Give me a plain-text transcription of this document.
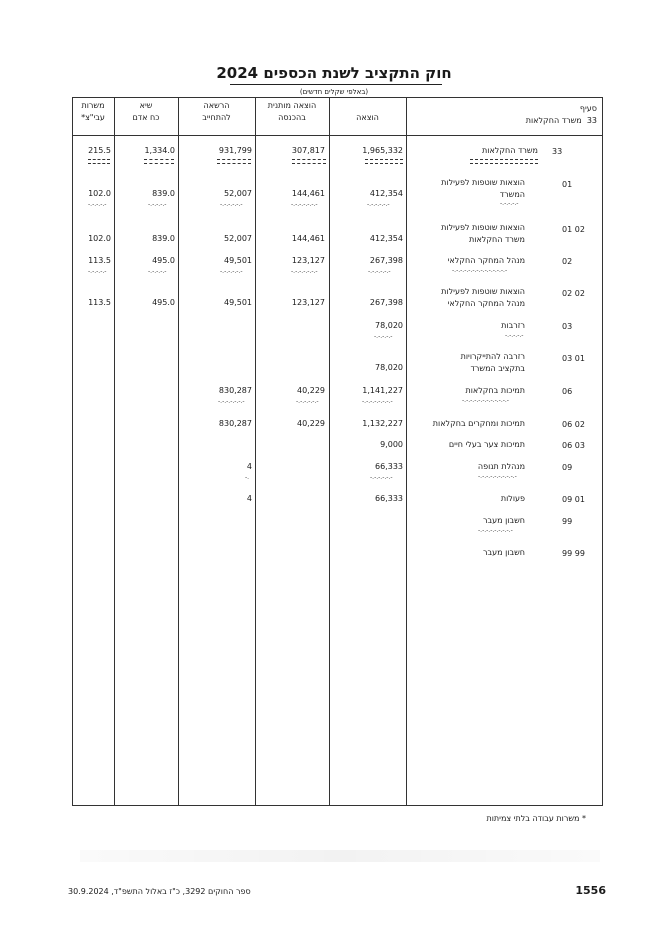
חוק התקציב לשנת הכספים 2024
(באלפי שקלים חדשים)
משרות
עבי"צ*
שיא
כח אדם
הרשאה
להתחייב
הוצאה מותנית
בהכנסה	הוצאה
סעיף
33  משרד החקלאות
33
משרד החקלאות
1,965,332
307,817
931,799
1,334.0
215.5
01
הוצאות שוטפות לפעילות
המשרד
-.-.-.-.-
412,354
-.-.-.-.-.-
144,461
-.-.-.-.-.-.-
52,007
-.-.-.-.-.-
839.0
-.-.-.-.-
102.0
-.-.-.-.-
01 02
הוצאות שוטפות לפעילות
משרד החקלאות
412,354
144,461
52,007
839.0
102.0
02
מנהל המחקר החקלאי
-.-.-.-.-.-.-.-.-.-.-.-.-.-
267,398
-.-.-.-.-.-
123,127
-.-.-.-.-.-.-
49,501
-.-.-.-.-.-
495.0
-.-.-.-.-
113.5
-.-.-.-.-
02 02
הוצאות שוטפות לפעילות
מנהל המחקר החקלאי
267,398
123,127
49,501
495.0
113.5
03
רזרבות
-.-.-.-.-
78,020
-.-.-.-.-
03 01
רזרבה להתייקרויות
בתקציב המשרד
78,020
06
תמיכות בחקלאות
-.-.-.-.-.-.-.-.-.-.-.-
1,141,227
-.-.-.-.-.-.-.-
40,229
-.-.-.-.-.-
830,287
-.-.-.-.-.-.-
06 02
תמיכות ומחקרים בחקלאות
1,132,227
40,229
830,287
06 03
תמיכות צער בעלי חיים
9,000
09
מנהלת תנופה
-.-.-.-.-.-.-.-.-.-
66,333
-.-.-.-.-.-
4
-.
09 01
פעולות
66,333
4
99
חשבון מעבר
-.-.-.-.-.-.-.-.-
99 99
חשבון מעבר
* משרות עבודה בלתי צמיתות
ספר החוקים 3292, כ"ז באלול התשפ"ד, 30.9.2024	1556
